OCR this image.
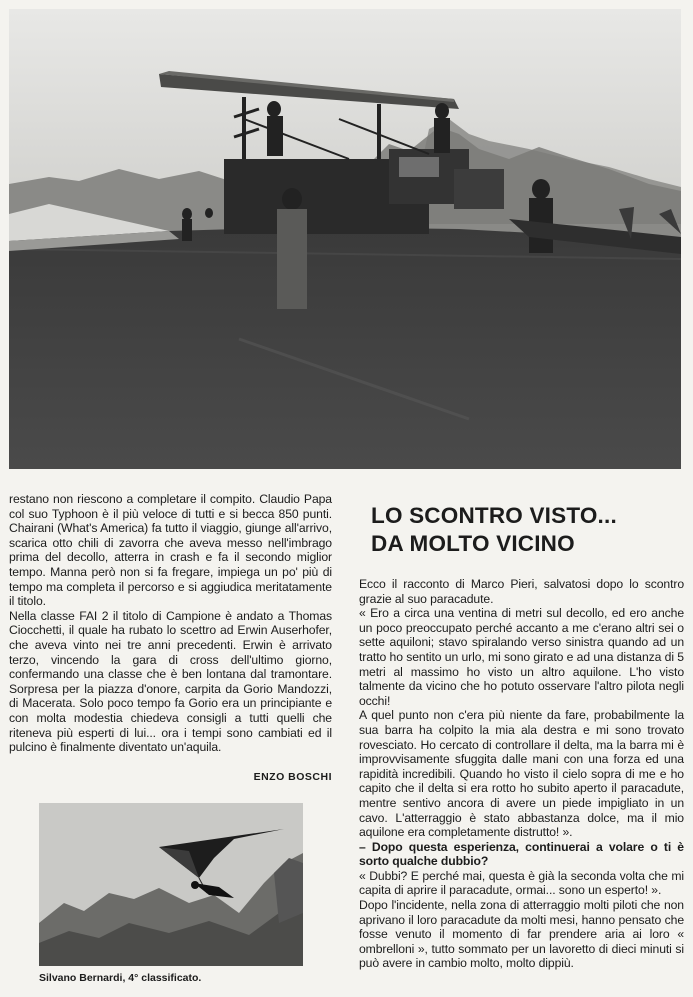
restano non riescono a completare il compito. Claudio Papa col suo Typhoon è il più veloce di tutti e si becca 850 punti. Chairani (What's America) fa tutto il viaggio, giunge all'arrivo, scarica otto chili di zavorra che aveva messo nell'imbrago prima del decollo, atterra in crash e fa il secondo miglior tempo. Manna però non si fa fregare, impiega un po' più di tempo ma completa il percorso e si aggiudica meritatamente il titolo.

Nella classe FAI 2 il titolo di Campione è andato a Thomas Ciocchetti, il quale ha rubato lo scettro ad Erwin Auserhofer, che aveva vinto nei tre anni precedenti. Erwin è arrivato terzo, vincendo la gara di cross dell'ultimo giorno, confermando una classe che è ben lontana dal tramontare. Sorpresa per la piazza d'onore, carpita da Gorio Mandozzi, di Macerata. Solo poco tempo fa Gorio era un principiante e con molta modestia chiedeva consigli a tutti quelli che riteneva più esperti di lui... ora i tempi sono cambiati ed il pulcino è finalmente diventato un'aquila.

ENZO BOSCHI
Silvano Bernardi, 4° classificato.
LO SCONTRO VISTO...
DA MOLTO VICINO

Ecco il racconto di Marco Pieri, salvatosi dopo lo scontro grazie al suo paracadute.

« Ero a circa una ventina di metri sul decollo, ed ero anche un poco preoccupato perché accanto a me c'erano altri sei o sette aquiloni; stavo spiralando verso sinistra quando ad un tratto ho sentito un urlo, mi sono girato e ad una distanza di 5 metri al massimo ho visto un altro aquilone. L'ho visto talmente da vicino che ho potuto osservare l'altro pilota negli occhi!

A quel punto non c'era più niente da fare, probabilmente la sua barra ha colpito la mia ala destra e mi sono trovato rovesciato. Ho cercato di controllare il delta, ma la barra mi è improvvisamente sfuggita dalle mani con una forza ed una rapidità incredibili. Quando ho visto il cielo sopra di me e ho capito che il delta si era rotto ho subito aperto il paracadute, mentre sentivo ancora di avere un piede impigliato in un cavo. L'atterraggio è stato abbastanza dolce, ma il mio aquilone era completamente distrutto! ».

– Dopo questa esperienza, continuerai a volare o ti è sorto qualche dubbio?

« Dubbi? E perché mai, questa è già la seconda volta che mi capita di aprire il paracadute, ormai... sono un esperto! ».

Dopo l'incidente, nella zona di atterraggio molti piloti che non aprivano il loro paracadute da molti mesi, hanno pensato che fosse venuto il momento di far prendere aria ai loro « ombrelloni », tutto sommato per un lavoretto di dieci minuti si può avere in cambio molto, molto dippiù.
